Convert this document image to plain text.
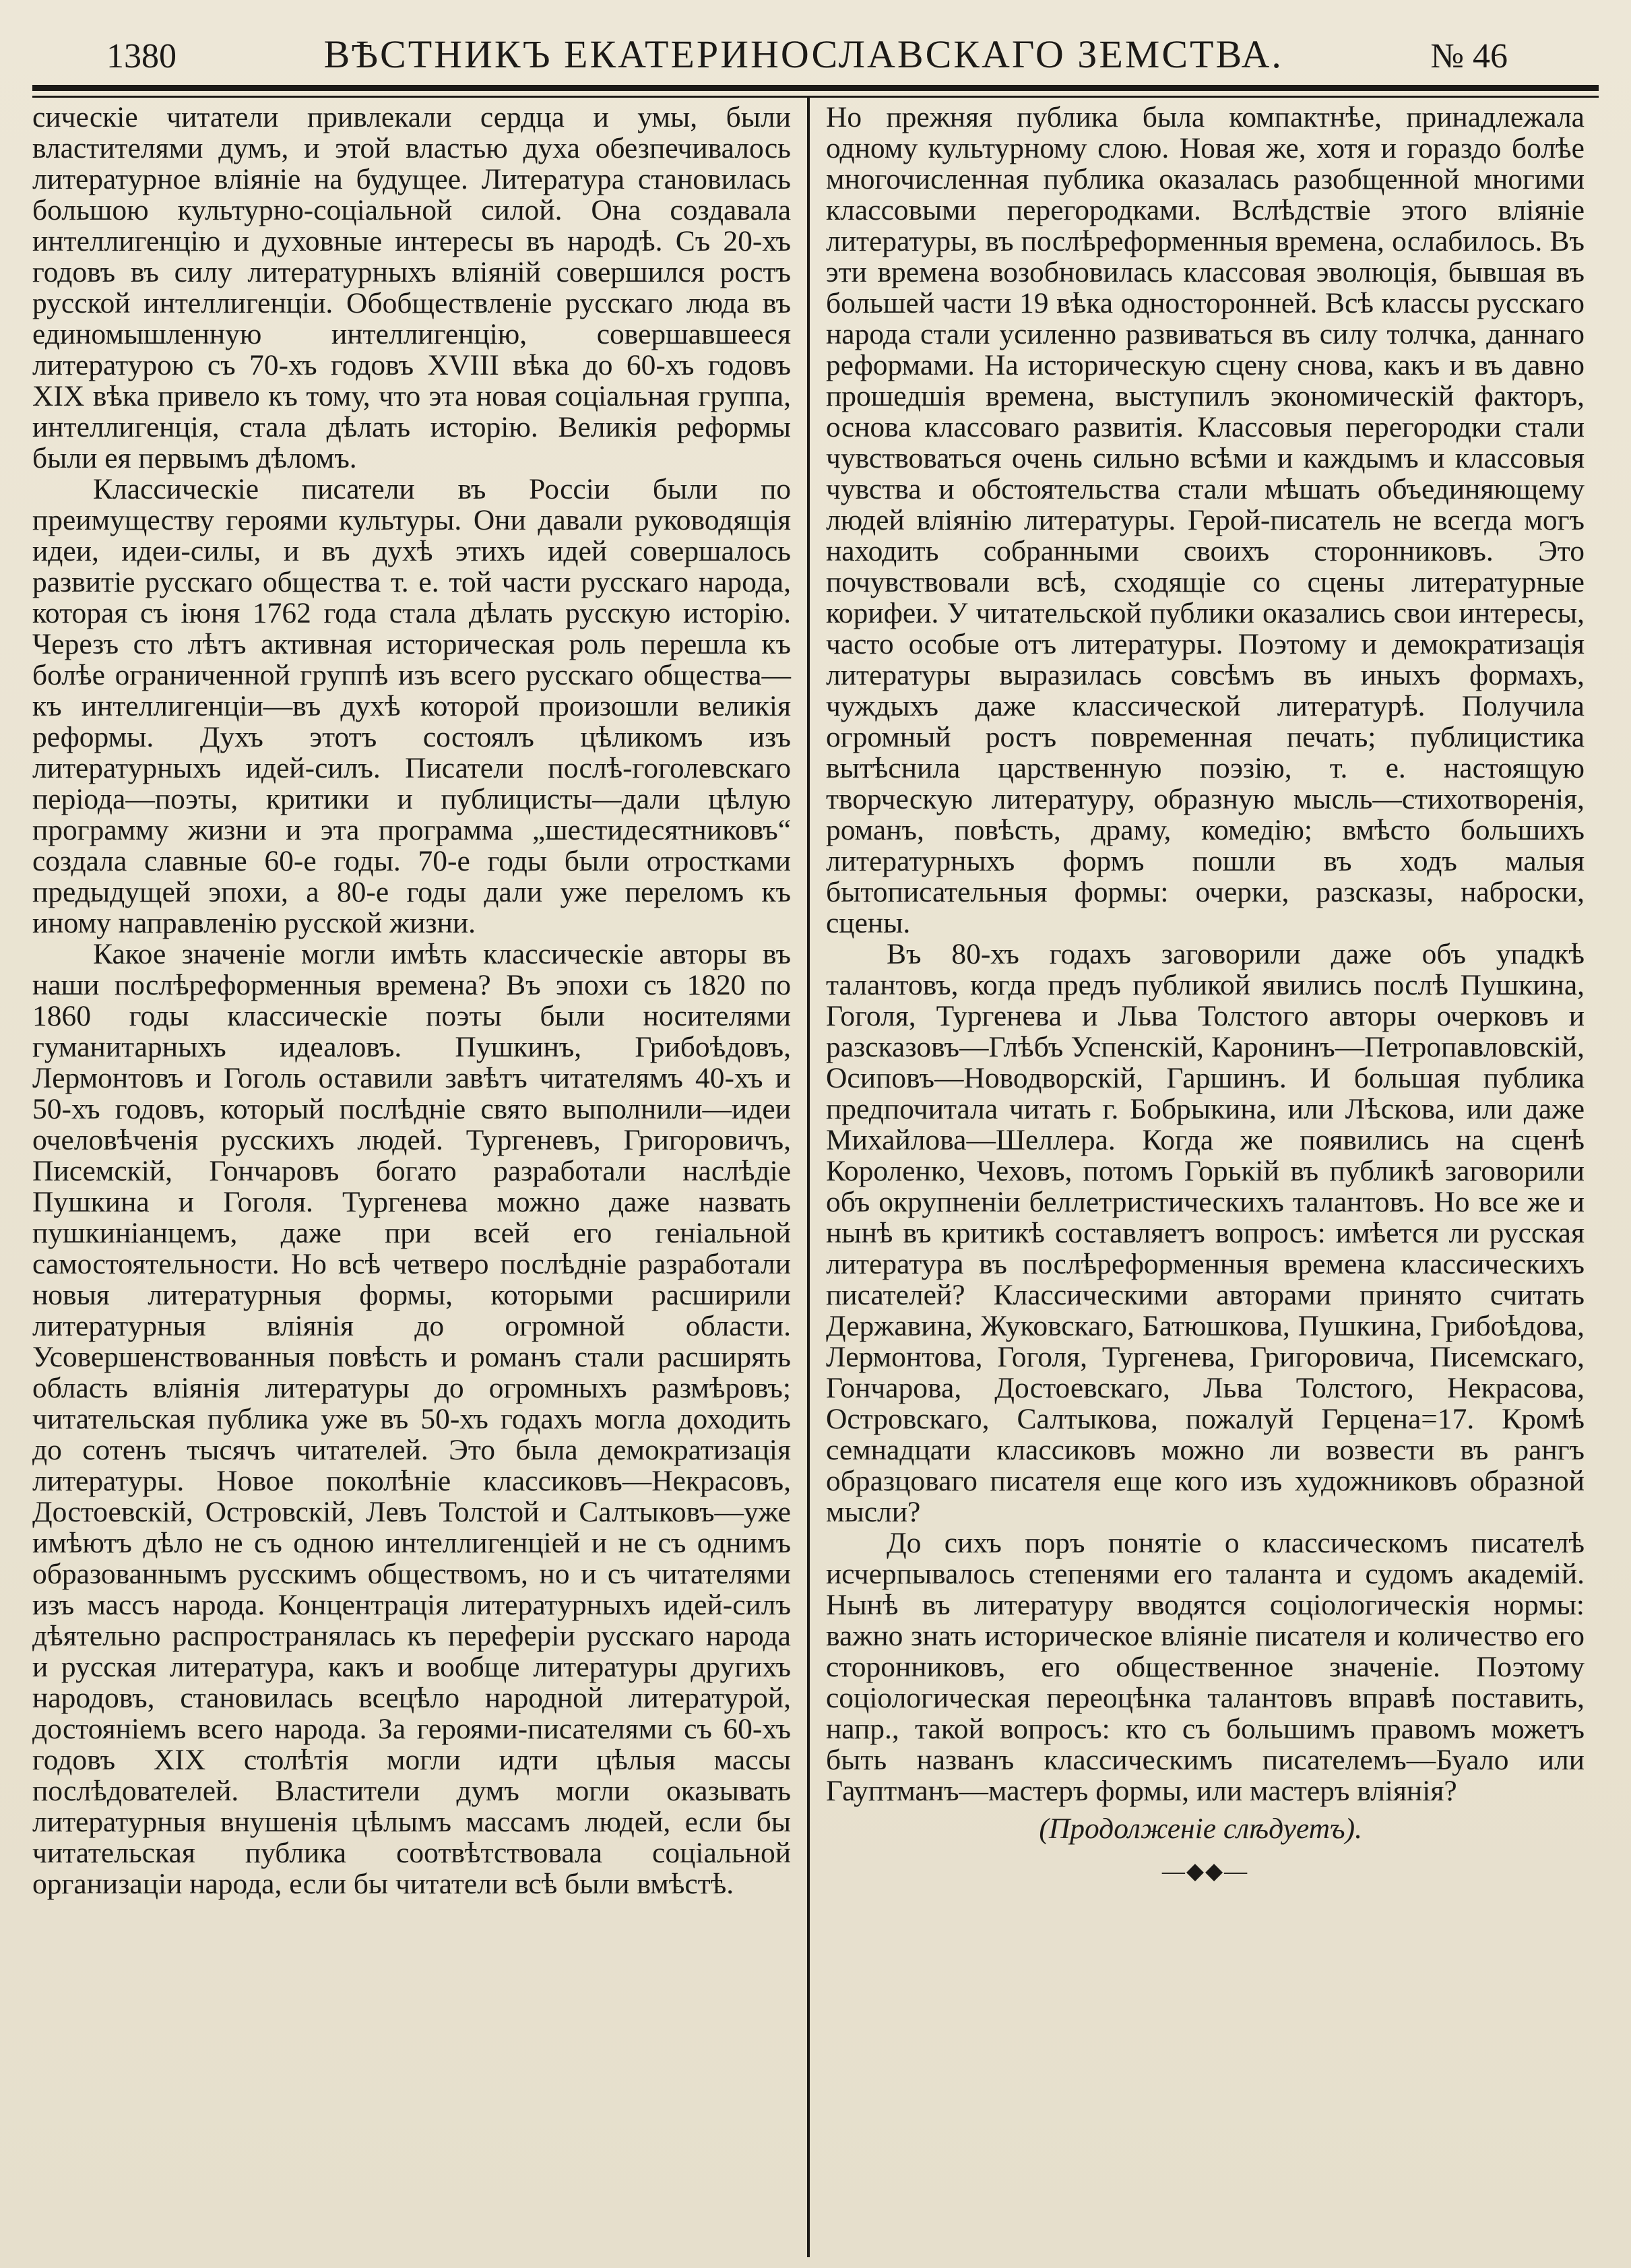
1380	ВѢСТНИКЪ ЕКАТЕРИНОСЛАВСКАГО ЗЕМСТВА.	№ 46

сическiе читатели привлекали сердца и умы, были властителями думъ, и этой властью духа обезпечивалось литературное влiянiе на будущее. Литература становилась большою культурно-соцiальной силой. Она создавала интеллигенцiю и духовные интересы въ народѣ. Съ 20-хъ годовъ въ силу литературныхъ влiянiй совершился ростъ русской интеллигенцiи. Обобществленiе русскаго люда въ единомышленную интеллигенцiю, совершавшееся литературою съ 70-хъ годовъ XVIII вѣка до 60-хъ годовъ XIX вѣка привело къ тому, что эта новая соцiальная группа, интеллигенцiя, стала дѣлать исторiю. Великiя реформы были ея первымъ дѣломъ.

Классическiе писатели въ Россiи были по преимуществу героями культуры. Они давали руководящiя идеи, идеи-силы, и въ духѣ этихъ идей совершалось развитiе русскаго общества т. е. той части русскаго народа, которая съ iюня 1762 года стала дѣлать русскую исторiю. Черезъ сто лѣтъ активная историческая роль перешла къ болѣе ограниченной группѣ изъ всего русскаго общества—къ интеллигенцiи—въ духѣ которой произошли великiя реформы. Духъ этотъ состоялъ цѣликомъ изъ литературныхъ идей-силъ. Писатели послѣ-гоголевскаго перiода—поэты, критики и публицисты—дали цѣлую программу жизни и эта программа „шестидесятниковъ“ создала славные 60-е годы. 70-е годы были отростками предыдущей эпохи, а 80-е годы дали уже переломъ къ иному направленiю русской жизни.

Какое значенiе могли имѣть классическiе авторы въ наши послѣреформенныя времена? Въ эпохи съ 1820 по 1860 годы классическiе поэты были носителями гуманитарныхъ идеаловъ. Пушкинъ, Грибоѣдовъ, Лермонтовъ и Гоголь оставили завѣтъ читателямъ 40-хъ и 50-хъ годовъ, который послѣднiе свято выполнили—идеи очеловѣченiя русскихъ людей. Тургеневъ, Григоровичъ, Писемскiй, Гончаровъ богато разработали наслѣдiе Пушкина и Гоголя. Тургенева можно даже назвать пушкинiанцемъ, даже при всей его генiальной самостоятельности. Но всѣ четверо послѣднiе разработали новыя литературныя формы, которыми расширили литературныя влiянiя до огромной области. Усовершенствованныя повѣсть и романъ стали расширять область влiянiя литературы до огромныхъ размѣровъ; читательская публика уже въ 50-хъ годахъ могла доходить до сотенъ тысячъ читателей. Это была демократизацiя литературы. Новое поколѣнiе классиковъ—Некрасовъ, Достоевскiй, Островскiй, Левъ Толстой и Салтыковъ—уже имѣютъ дѣло не съ одною интеллигенцiей и не съ однимъ образованнымъ русскимъ обществомъ, но и съ читателями изъ массъ народа. Концентрацiя литературныхъ идей-силъ дѣятельно распространялась къ переферiи русскаго народа и русская литература, какъ и вообще литературы другихъ народовъ, становилась всецѣло народной литературой, достоянiемъ всего народа. За героями-писателями съ 60-хъ годовъ XIX столѣтiя могли идти цѣлыя массы послѣдователей. Властители думъ могли оказывать литературныя внушенiя цѣлымъ массамъ людей, если бы читательская публика соотвѣтствовала соцiальной организацiи народа, если бы читатели всѣ были вмѣстѣ.

Но прежняя публика была компактнѣе, принадлежала одному культурному слою. Новая же, хотя и гораздо болѣе многочисленная публика оказалась разобщенной многими классовыми перегородками. Вслѣдствiе этого влiянiе литературы, въ послѣреформенныя времена, ослабилось. Въ эти времена возобновилась классовая эволюцiя, бывшая въ большей части 19 вѣка односторонней. Всѣ классы русскаго народа стали усиленно развиваться въ силу толчка, даннаго реформами. На историческую сцену снова, какъ и въ давно прошедшiя времена, выступилъ экономическiй факторъ, основа классоваго развитiя. Классовыя перегородки стали чувствоваться очень сильно всѣми и каждымъ и классовыя чувства и обстоятельства стали мѣшать объединяющему людей влiянiю литературы. Герой-писатель не всегда могъ находить собранными своихъ сторонниковъ. Это почувствовали всѣ, сходящiе со сцены литературные корифеи. У читательской публики оказались свои интересы, часто особые отъ литературы. Поэтому и демократизацiя литературы выразилась совсѣмъ въ иныхъ формахъ, чуждыхъ даже классической литературѣ. Получила огромный ростъ повременная печать; публицистика вытѣснила царственную поэзiю, т. е. настоящую творческую литературу, образную мысль—стихотворенiя, романъ, повѣсть, драму, комедiю; вмѣсто большихъ литературныхъ формъ пошли въ ходъ малыя бытописательныя формы: очерки, разсказы, наброски, сцены.

Въ 80-хъ годахъ заговорили даже объ упадкѣ талантовъ, когда предъ публикой явились послѣ Пушкина, Гоголя, Тургенева и Льва Толстого авторы очерковъ и разсказовъ—Глѣбъ Успенскiй, Каронинъ—Петропавловскiй, Осиповъ—Новодворскiй, Гаршинъ. И большая публика предпочитала читать г. Бобрыкина, или Лѣскова, или даже Михайлова—Шеллера. Когда же появились на сценѣ Короленко, Чеховъ, потомъ Горькiй въ публикѣ заговорили объ окрупненiи беллетристическихъ талантовъ. Но все же и нынѣ въ критикѣ составляетъ вопросъ: имѣется ли русская литература въ послѣреформенныя времена классическихъ писателей? Классическими авторами принято считать Державина, Жуковскаго, Батюшкова, Пушкина, Грибоѣдова, Лермонтова, Гоголя, Тургенева, Григоровича, Писемскаго, Гончарова, Достоевскаго, Льва Толстого, Некрасова, Островскаго, Салтыкова, пожалуй Герцена=17. Кромѣ семнадцати классиковъ можно ли возвести въ рангъ образцоваго писателя еще кого изъ художниковъ образной мысли?

До сихъ поръ понятiе о классическомъ писателѣ исчерпывалось степенями его таланта и судомъ академiй. Нынѣ въ литературу вводятся соцiологическiя нормы: важно знать историческое влiянiе писателя и количество его сторонниковъ, его общественное значенiе. Поэтому соцiологическая переоцѣнка талантовъ вправѣ поставить, напр., такой вопросъ: кто съ большимъ правомъ можетъ быть названъ классическимъ писателемъ—Буало или Гауптманъ—мастеръ формы, или мастеръ влiянiя?

(Продолженiе слѣдуетъ).

—◆◆—
